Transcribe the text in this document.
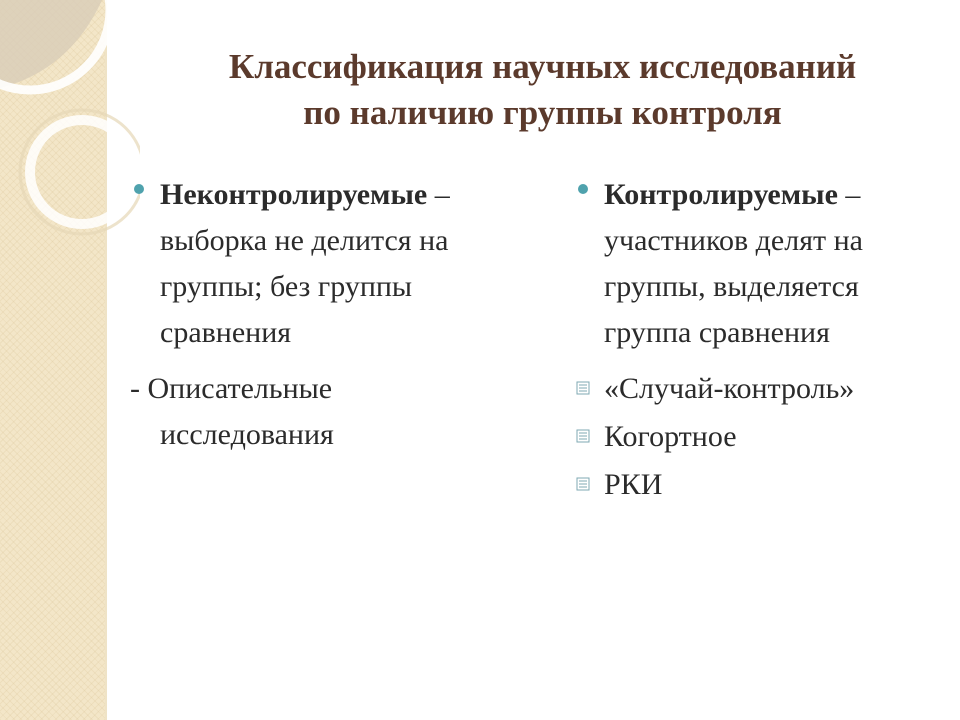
Классификация научных исследований
по наличию группы контроля
Неконтролируемые –
выборка не делится на
группы; без группы
сравнения
- Описательные
исследования
Контролируемые –
участников делят на
группы, выделяется
группа сравнения
«Случай-контроль»
Когортное
РКИ
